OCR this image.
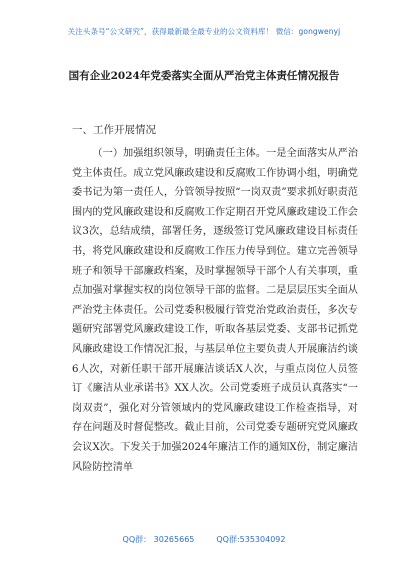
关注头条号“公文研究”，获得最新最全最专业的公文资料库！ 微信：gongwenyj
国有企业2024年党委落实全面从严治党主体责任情况报告
一、工作开展情况

（一）加强组织领导，明确责任主体。一是全面落实从严治党主体责任。成立党风廉政建设和反腐败工作协调小组，明确党委书记为第一责任人，分管领导按照“一岗双责”要求抓好职责范围内的党风廉政建设和反腐败工作定期召开党风廉政建设工作会议3次，总结成绩，部署任务，逐级签订党风廉政建设目标责任书，将党风廉政建设和反腐败工作压力传导到位。建立完善领导班子和领导干部廉政档案，及时掌握领导干部个人有关事项，重点加强对掌握实权的岗位领导干部的监督。二是层层压实全面从严治党主体责任。公司党委积极履行管党治党政治责任，多次专题研究部署党风廉政建设工作，听取各基层党委、支部书记抓党风廉政建设工作情况汇报，与基层单位主要负责人开展廉洁约谈6人次，对新任职干部开展廉洁谈话X人次，与重点岗位人员签订《廉洁从业承诺书》XX人次。公司党委班子成员认真落实“一岗双责”，强化对分管领域内的党风廉政建设工作检查指导，对存在问题及时督促整改。截止目前，公司党委专题研究党风廉政会议X次。下发关于加强2024年廉洁工作的通知X份，制定廉洁风险防控清单

QQ群： 30265665	QQ群:535304092
